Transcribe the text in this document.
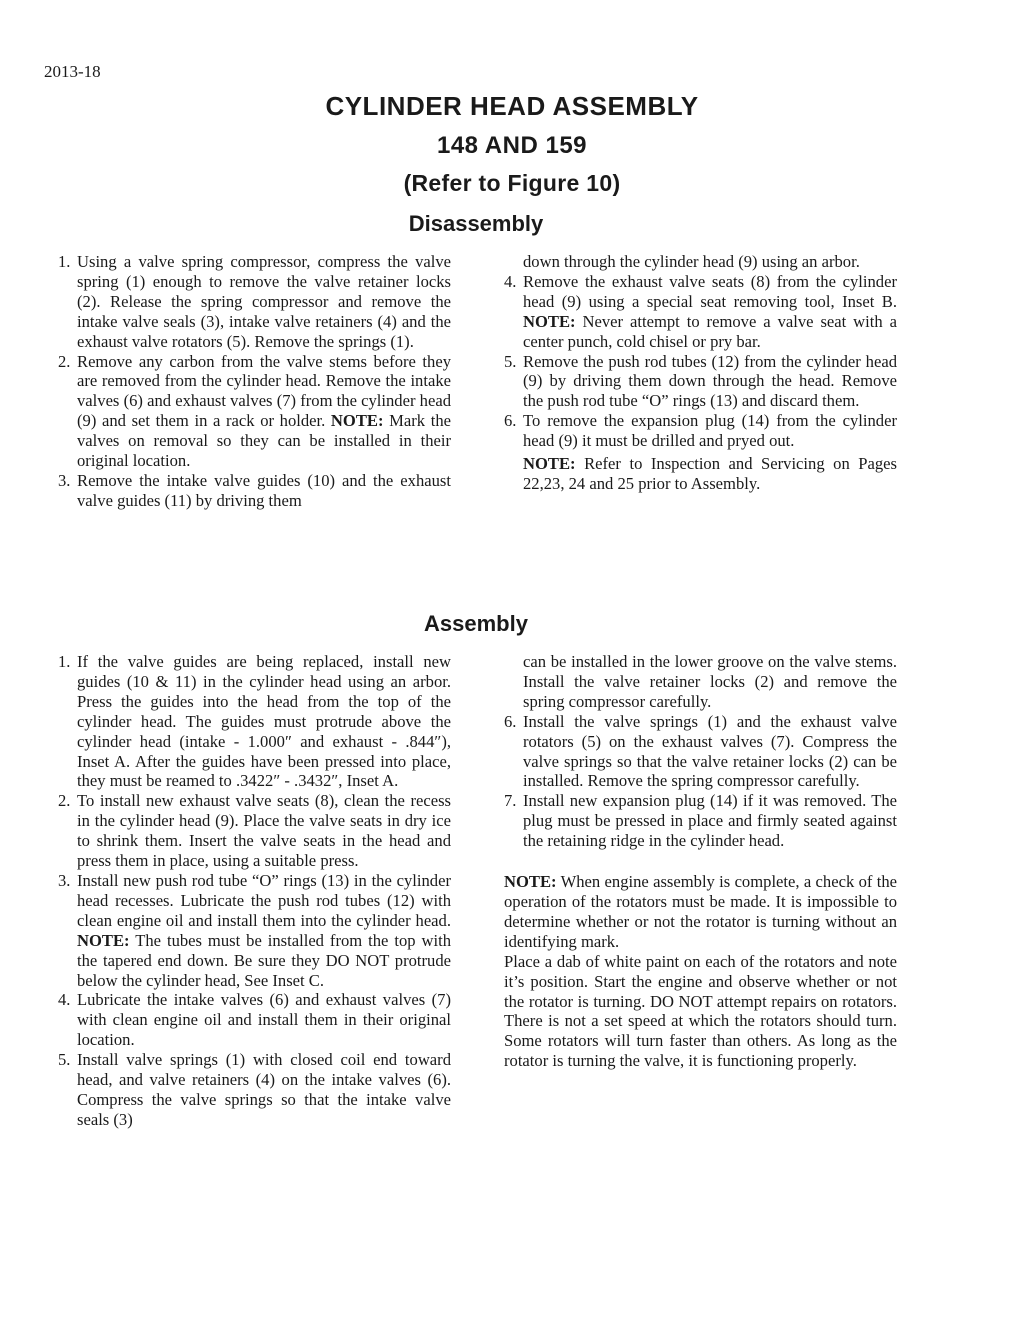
2013-18
CYLINDER HEAD ASSEMBLY
148 AND 159
(Refer to Figure 10)
Disassembly
1. Using a valve spring compressor, compress the valve spring (1) enough to remove the valve retainer locks (2). Release the spring compressor and remove the intake valve seals (3), intake valve retainers (4) and the exhaust valve rotators (5). Remove the springs (1).
2. Remove any carbon from the valve stems before they are removed from the cylinder head. Remove the intake valves (6) and exhaust valves (7) from the cylinder head (9) and set them in a rack or holder. NOTE: Mark the valves on removal so they can be installed in their original location.
3. Remove the intake valve guides (10) and the exhaust valve guides (11) by driving them

down through the cylinder head (9) using an arbor.

4. Remove the exhaust valve seats (8) from the cylinder head (9) using a special seat removing tool, Inset B. NOTE: Never attempt to remove a valve seat with a center punch, cold chisel or pry bar.
5. Remove the push rod tubes (12) from the cylinder head (9) by driving them down through the head. Remove the push rod tube “O” rings (13) and discard them.
6. To remove the expansion plug (14) from the cylinder head (9) it must be drilled and pryed out.

NOTE: Refer to Inspection and Servicing on Pages 22,23, 24 and 25 prior to Assembly.

Assembly
1. If the valve guides are being replaced, install new guides (10 & 11) in the cylinder head using an arbor. Press the guides into the head from the top of the cylinder head. The guides must protrude above the cylinder head (intake - 1.000″ and exhaust - .844″), Inset A. After the guides have been pressed into place, they must be reamed to .3422″ - .3432″, Inset A.
2. To install new exhaust valve seats (8), clean the recess in the cylinder head (9). Place the valve seats in dry ice to shrink them. Insert the valve seats in the head and press them in place, using a suitable press.
3. Install new push rod tube “O” rings (13) in the cylinder head recesses. Lubricate the push rod tubes (12) with clean engine oil and install them into the cylinder head. NOTE: The tubes must be installed from the top with the tapered end down. Be sure they DO NOT protrude below the cylinder head, See Inset C.
4. Lubricate the intake valves (6) and exhaust valves (7) with clean engine oil and install them in their original location.
5. Install valve springs (1) with closed coil end toward head, and valve retainers (4) on the intake valves (6). Compress the valve springs so that the intake valve seals (3)

can be installed in the lower groove on the valve stems. Install the valve retainer locks (2) and remove the spring compressor carefully.

6. Install the valve springs (1) and the exhaust valve rotators (5) on the exhaust valves (7). Compress the valve springs so that the valve retainer locks (2) can be installed. Remove the spring compressor carefully.
7. Install new expansion plug (14) if it was removed. The plug must be pressed in place and firmly seated against the retaining ridge in the cylinder head.

NOTE: When engine assembly is complete, a check of the operation of the rotators must be made. It is impossible to determine whether or not the rotator is turning without an identifying mark.

Place a dab of white paint on each of the rotators and note it’s position. Start the engine and observe whether or not the rotator is turning. DO NOT attempt repairs on rotators. There is not a set speed at which the rotators should turn. Some rotators will turn faster than others. As long as the rotator is turning the valve, it is functioning properly.
